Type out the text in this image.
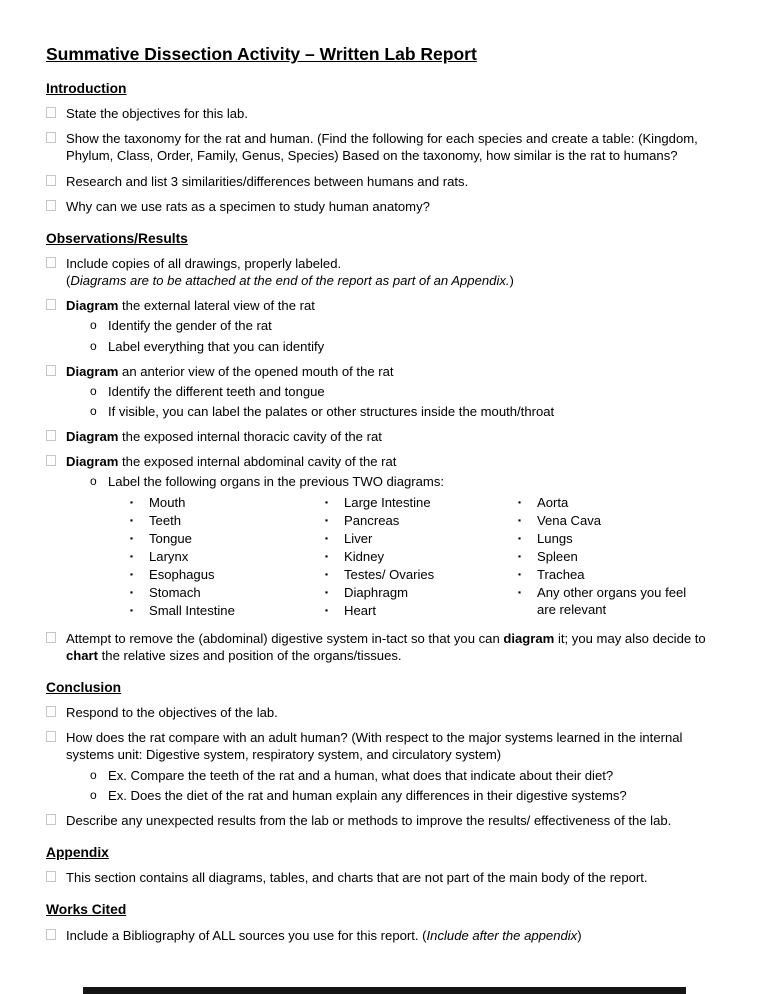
Summative Dissection Activity – Written Lab Report
Introduction
State the objectives for this lab.
Show the taxonomy for the rat and human. (Find the following for each species and create a table: (Kingdom, Phylum, Class, Order, Family, Genus, Species) Based on the taxonomy, how similar is the rat to humans?
Research and list 3 similarities/differences between humans and rats.
Why can we use rats as a specimen to study human anatomy?
Observations/Results
Include copies of all drawings, properly labeled.
(Diagrams are to be attached at the end of the report as part of an Appendix.)
Diagram the external lateral view of the rat
o Identify the gender of the rat
o Label everything that you can identify
Diagram an anterior view of the opened mouth of the rat
o Identify the different teeth and tongue
o If visible, you can label the palates or other structures inside the mouth/throat
Diagram the exposed internal thoracic cavity of the rat
Diagram the exposed internal abdominal cavity of the rat
o Label the following organs in the previous TWO diagrams:
▪	Mouth
▪	Teeth
▪	Tongue
▪	Larynx
▪	Esophagus
▪	Stomach
▪	Small Intestine
▪	Large Intestine
▪	Pancreas
▪	Liver
▪	Kidney
▪	Testes/ Ovaries
▪	Diaphragm
▪	Heart
▪	Aorta
▪	Vena Cava
▪	Lungs
▪	Spleen
▪	Trachea
▪	Any other organs you feel are relevant
Attempt to remove the (abdominal) digestive system in-tact so that you can diagram it; you may also decide to chart the relative sizes and position of the organs/tissues.
Conclusion
Respond to the objectives of the lab.
How does the rat compare with an adult human? (With respect to the major systems learned in the internal systems unit: Digestive system, respiratory system, and circulatory system)
o Ex. Compare the teeth of the rat and a human, what does that indicate about their diet?
o Ex. Does the diet of the rat and human explain any differences in their digestive systems?
Describe any unexpected results from the lab or methods to improve the results/ effectiveness of the lab.
Appendix
This section contains all diagrams, tables, and charts that are not part of the main body of the report.
Works Cited
Include a Bibliography of ALL sources you use for this report. (Include after the appendix)
